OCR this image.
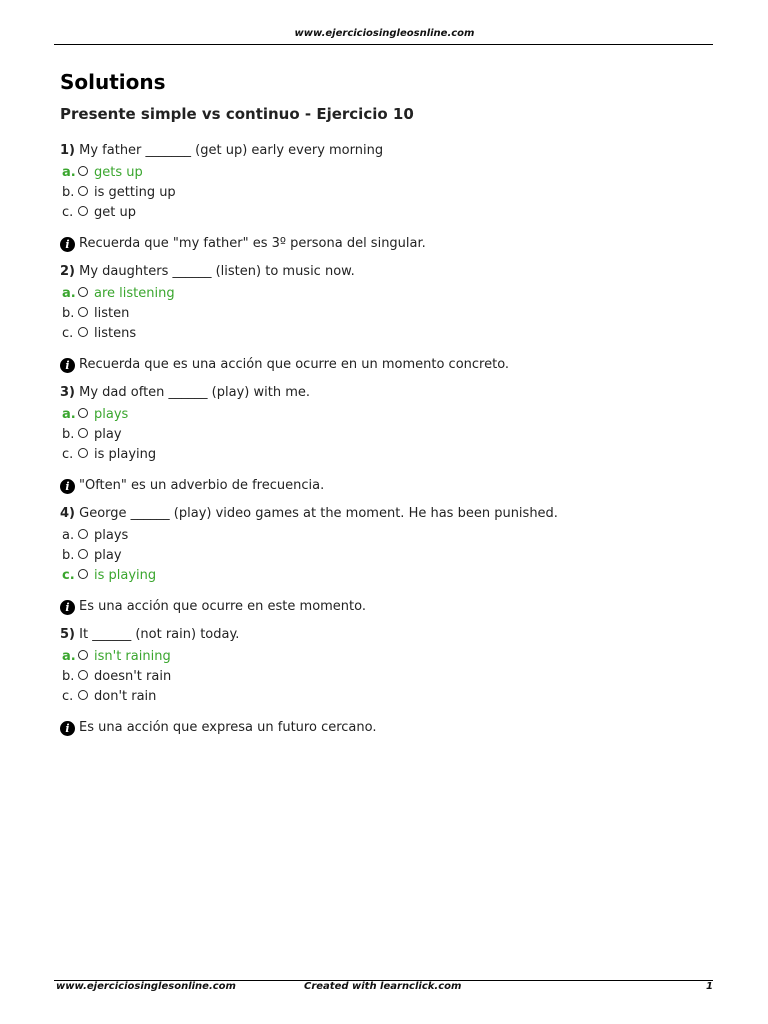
www.ejerciciosingleosnline.com
Solutions
Presente simple vs continuo - Ejercicio 10
1) My father _______ (get up) early every morning
a. gets up
b. is getting up
c. get up
i Recuerda que "my father" es 3º persona del singular.
2) My daughters ______ (listen) to music now.
a. are listening
b. listen
c. listens
i Recuerda que es una acción que ocurre en un momento concreto.
3) My dad often ______ (play) with me.
a. plays
b. play
c. is playing
i "Often" es un adverbio de frecuencia.
4) George ______ (play) video games at the moment. He has been punished.
a. plays
b. play
c. is playing
i Es una acción que ocurre en este momento.
5) It ______ (not rain) today.
a. isn't raining
b. doesn't rain
c. don't rain
i Es una acción que expresa un futuro cercano.
www.ejerciciosinglesonline.com	Created with learnclick.com	1
